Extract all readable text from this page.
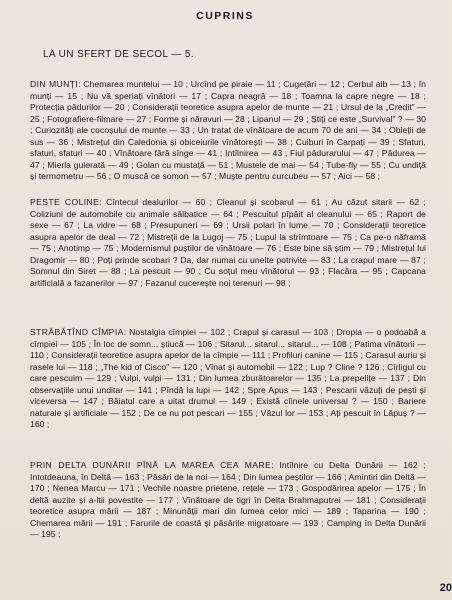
CUPRINS
LA UN SFERT DE SECOL — 5.
DIN MUNȚI: Chemarea muntelui — 10 ; Urcînd pe piraie — 11 ; Cugetări — 12 ; Cerbul alb — 13 ; In munți — 15 ; Nu vă speriați vînători — 17 ; Capra neagră — 18 ; Toamna la capre negre — 18 ; Protecția pădurilor — 20 ; Considerații teoretice asupra apelor de munte — 21 ; Ursul de la „Credit” — 25 ; Fotografiere-filmare — 27 ; Forme și năravuri — 28 ; Lipanul — 29 ; Știți ce este „Survival” ? — 30 ; Curiozități ale cocoșului de munte — 33 ; Un tratat de vînătoare de acum 70 de ani — 34 ; Obleții de sus — 36 ; Mistrețul din Caledonia și obiceiurile vînătorești — 38 ; Cuiburi în Carpați — 39 ; Sfaturi, sfaturi, sfaturi — 40 ; Vînătoare fără sînge — 41 ; Intîlnirea — 43 ; Fiul pădurarului — 47 ; Pădurea — 47 ; Mierla gulerată — 49 ; Golan cu mustață — 51 ; Mustele de mai — 54 ; Tube-fly — 55 ; Cu undiță și termometru — 56 ; O muscă ce somon — 57 ; Muște pentru curcubeu — 57 ; Aici — 58 ;
PESTE COLINE: Cîntecul dealurilor — 60 ; Cleanul și scobarul — 61 ; Au căzut sitarii — 62 ; Coliziuni de automobile cu animale sălbatice — 64 ; Pescuitul pîpăit al cleanului — 65 ; Raport de sexe — 67 ; La vidre — 68 ; Presupuneri — 69 ; Ursii polari în lume — 70 ; Considerații teoretice asupra apelor de deal — 72 ; Mistreții de la Lugoj — 75 ; Lupul la strîmtoare — 75 ; Ca pe-o năframă — 75 ; Anotimp — 75 ; Modernismul puștilor de vînătoare — 76 ; Este bine să știm — 79 ; Mistrețul lui Dragomir — 80 ; Poți prinde scobari ? Da, dar numai cu unelte potrivite — 83 ; La crapul mare — 87 ; Somnul din Siret — 88 ; La pescuit — 90 ; Cu soțul meu vînătorul — 93 ; Flacăra — 95 ; Capcana artificială a fazanerilor — 97 ; Fazanul cucerește noi terenuri — 98 ;
STRĂBĂTÎND CÎMPIA: Nostalgia cîmpiei — 102 ; Crapul și carasul — 103 ; Dropia — o podoabă a cîmpiei — 105 ; În loc de somn... știucă — 106 ; Sitarul... sitarul... sitarul... — 108 ; Patima vînătorii — 110 ; Considerații teoretice asupra apelor de la cîmpie — 111 ; Profiluri canine — 115 ; Carasul auriu și rasele lui — 118 ; „The kid of Cisco” — 120 ; Vînat și automobil — 122 ; Lup ? Cline ? 126 ; Cîrligul cu care pescuim — 129 ; Vulpi, vulpi — 131 ; Din lumea zburătoarelor — 135 ; La prepelițe — 137 ; Din observațiile unui unditar — 141 ; Pîndă la lupi — 142 ; Spre Apus — 143 ; Pescarii văzuți de pești și viceversa — 147 ; Băiatul care a uitat drumul — 149 ; Există cîinele universal ? — 150 ; Bariere naturale și artificiale — 152 ; De ce nu pot pescari — 155 ; Văzul lor — 153 ; Ați pescuit în Lăpuș ? — 160 ;
PRIN DELTA DUNĂRII PÎNĂ LA MAREA CEA MARE: Intîlnire cu Delta Dunării — 162 ; Intotdeauna, în Deltă — 163 ; Păsări de la noi — 164 ; Din lumea peștilor — 166 ; Amintiri din Deltă — 170 ; Nenea Marcu — 171 ; Vechile noastre prietene, rețele — 173 ; Gospodărirea apelor — 175 ; În deltă auzite și a-ltii povestite — 177 ; Vînătoare de tigri în Delta Brahmaputrei — 181 ; Considerații teoretice asupra mării — 187 ; Minunății mari din lumea celor mici — 189 ; Taparina — 190 ; Chemarea mării — 191 ; Farurile de coastă și păsările migratoare — 193 ; Camping în Delta Dunării — 195 ;
20
